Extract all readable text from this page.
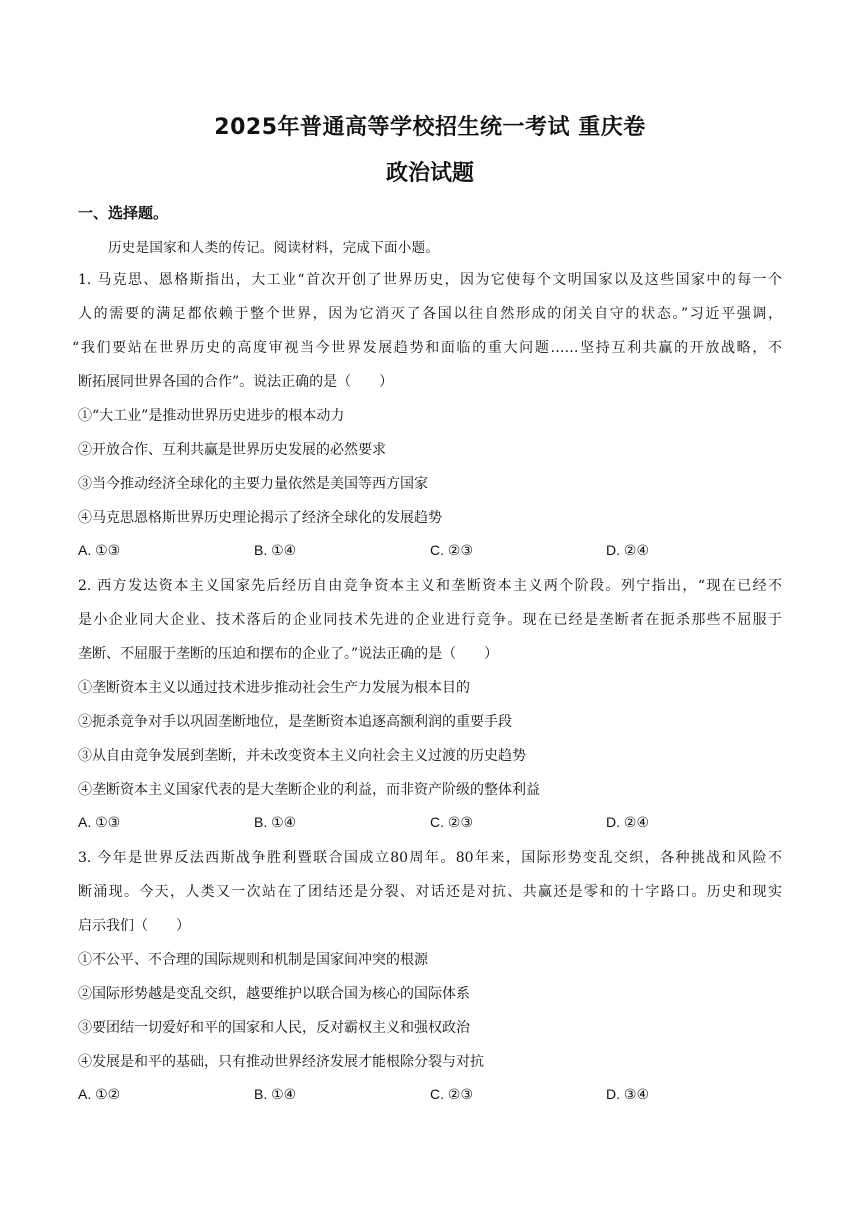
2025年普通高等学校招生统一考试 重庆卷
政治试题
一、选择题。
历史是国家和人类的传记。阅读材料，完成下面小题。
1. 马克思、恩格斯指出，大工业“首次开创了世界历史，因为它使每个文明国家以及这些国家中的每一个
人的需要的满足都依赖于整个世界，因为它消灭了各国以往自然形成的闭关自守的状态。”习近平强调，
“我们要站在世界历史的高度审视当今世界发展趋势和面临的重大问题……坚持互利共赢的开放战略，不
断拓展同世界各国的合作”。说法正确的是（　　）
①“大工业”是推动世界历史进步的根本动力
②开放合作、互利共赢是世界历史发展的必然要求
③当今推动经济全球化的主要力量依然是美国等西方国家
④马克思恩格斯世界历史理论揭示了经济全球化的发展趋势
A. ①③	B. ①④	C. ②③	D. ②④
2. 西方发达资本主义国家先后经历自由竞争资本主义和垄断资本主义两个阶段。列宁指出，“现在已经不
是小企业同大企业、技术落后的企业同技术先进的企业进行竞争。现在已经是垄断者在扼杀那些不屈服于
垄断、不屈服于垄断的压迫和摆布的企业了。”说法正确的是（　　）
①垄断资本主义以通过技术进步推动社会生产力发展为根本目的
②扼杀竞争对手以巩固垄断地位，是垄断资本追逐高额利润的重要手段
③从自由竞争发展到垄断，并未改变资本主义向社会主义过渡的历史趋势
④垄断资本主义国家代表的是大垄断企业的利益，而非资产阶级的整体利益
A. ①③	B. ①④	C. ②③	D. ②④
3. 今年是世界反法西斯战争胜利暨联合国成立80周年。80年来，国际形势变乱交织，各种挑战和风险不
断涌现。今天，人类又一次站在了团结还是分裂、对话还是对抗、共赢还是零和的十字路口。历史和现实
启示我们（　　）
①不公平、不合理的国际规则和机制是国家间冲突的根源
②国际形势越是变乱交织，越要维护以联合国为核心的国际体系
③要团结一切爱好和平的国家和人民，反对霸权主义和强权政治
④发展是和平的基础，只有推动世界经济发展才能根除分裂与对抗
A. ①②	B. ①④	C. ②③	D. ③④
